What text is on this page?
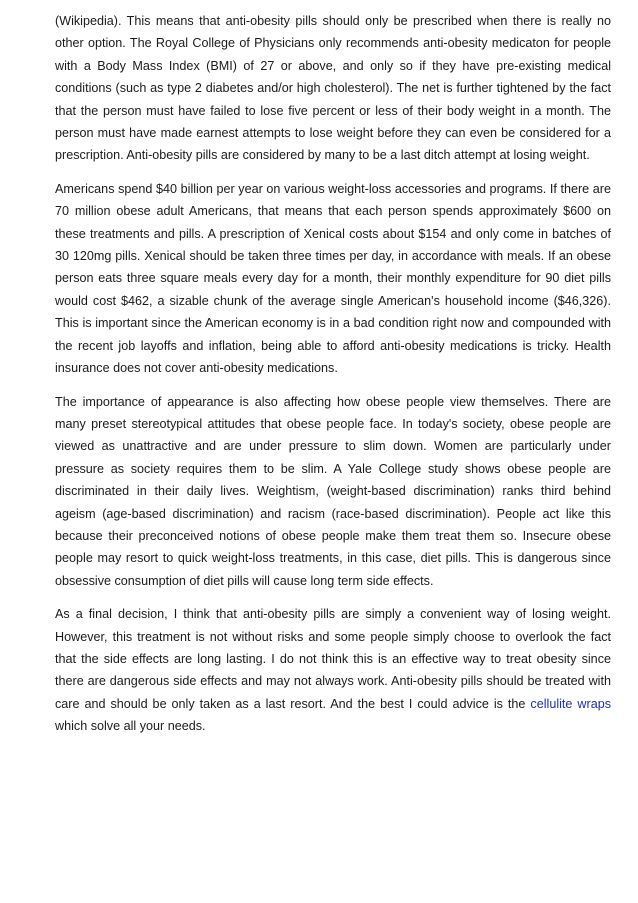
(Wikipedia). This means that anti-obesity pills should only be prescribed when there is really no other option. The Royal College of Physicians only recommends anti-obesity medicaton for people with a Body Mass Index (BMI) of 27 or above, and only so if they have pre-existing medical conditions (such as type 2 diabetes and/or high cholesterol). The net is further tightened by the fact that the person must have failed to lose five percent or less of their body weight in a month. The person must have made earnest attempts to lose weight before they can even be considered for a prescription. Anti-obesity pills are considered by many to be a last ditch attempt at losing weight.

Americans spend $40 billion per year on various weight-loss accessories and programs. If there are 70 million obese adult Americans, that means that each person spends approximately $600 on these treatments and pills. A prescription of Xenical costs about $154 and only come in batches of 30 120mg pills. Xenical should be taken three times per day, in accordance with meals. If an obese person eats three square meals every day for a month, their monthly expenditure for 90 diet pills would cost $462, a sizable chunk of the average single American's household income ($46,326). This is important since the American economy is in a bad condition right now and compounded with the recent job layoffs and inflation, being able to afford anti-obesity medications is tricky. Health insurance does not cover anti-obesity medications.

The importance of appearance is also affecting how obese people view themselves. There are many preset stereotypical attitudes that obese people face. In today's society, obese people are viewed as unattractive and are under pressure to slim down. Women are particularly under pressure as society requires them to be slim. A Yale College study shows obese people are discriminated in their daily lives. Weightism, (weight-based discrimination) ranks third behind ageism (age-based discrimination) and racism (race-based discrimination). People act like this because their preconceived notions of obese people make them treat them so. Insecure obese people may resort to quick weight-loss treatments, in this case, diet pills. This is dangerous since obsessive consumption of diet pills will cause long term side effects.

As a final decision, I think that anti-obesity pills are simply a convenient way of losing weight. However, this treatment is not without risks and some people simply choose to overlook the fact that the side effects are long lasting. I do not think this is an effective way to treat obesity since there are dangerous side effects and may not always work. Anti-obesity pills should be treated with care and should be only taken as a last resort. And the best I could advice is the cellulite wraps which solve all your needs.
